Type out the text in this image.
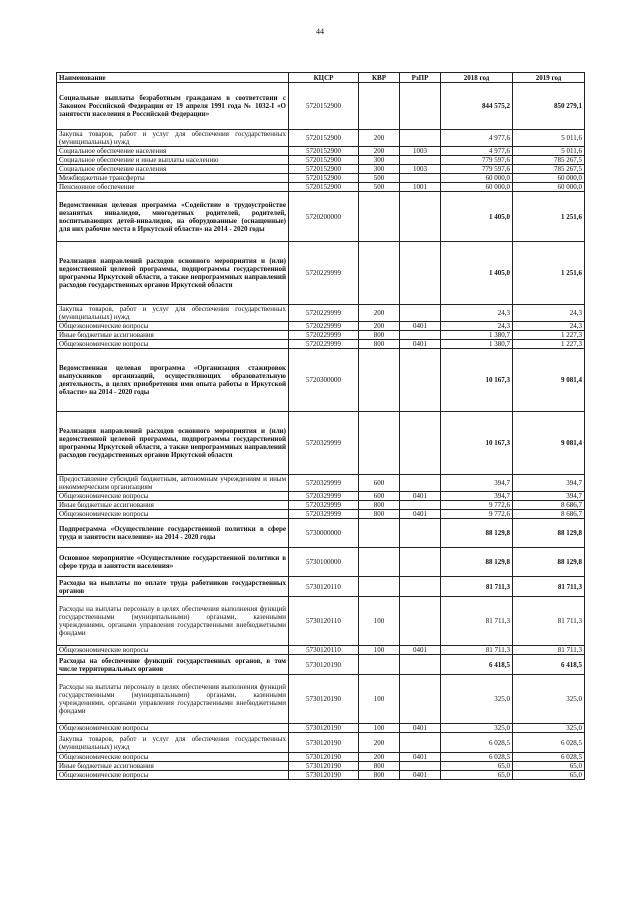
44
Наименование	КЦСР	КВР	РзПР	2018 год	2019 год
Социальные выплаты безработным гражданам в соответствии с Законом Российской Федерации от 19 апреля 1991 года № 1032-I «О занятости населения в Российской Федерации»	5720152900			844 575,2	850 279,1
Закупка товаров, работ и услуг для обеспечения государственных (муниципальных) нужд	5720152900	200		4 977,6	5 011,6
Социальное обеспечение населения	5720152900	200	1003	4 977,6	5 011,6
Социальное обеспечение и иные выплаты населению	5720152900	300		779 597,6	785 267,5
Социальное обеспечение населения	5720152900	300	1003	779 597,6	785 267,5
Межбюджетные трансферты	5720152900	500		60 000,0	60 000,0
Пенсионное обеспечение	5720152900	500	1001	60 000,0	60 000,0
Ведомственная целевая программа «Содействие в трудоустройстве незанятых инвалидов, многодетных родителей, родителей, воспитывающих детей-инвалидов, на оборудованные (оснащенные) для них рабочие места в Иркутской области» на 2014 - 2020 годы	5720200000			1 405,0	1 251,6
Реализация направлений расходов основного мероприятия и (или) ведомственной целевой программы, подпрограммы государственной программы Иркутской области, а также непрограммных направлений расходов государственных органов Иркутской области	5720229999			1 405,0	1 251,6
Закупка товаров, работ и услуг для обеспечения государственных (муниципальных) нужд	5720229999	200		24,3	24,3
Общеэкономические вопросы	5720229999	200	0401	24,3	24,3
Иные бюджетные ассигнования	5720229999	800		1 380,7	1 227,3
Общеэкономические вопросы	5720229999	800	0401	1 380,7	1 227,3
Ведомственная целевая программа «Организация стажировок выпускников организаций, осуществляющих образовательную деятельность, в целях приобретения ими опыта работы в Иркутской области» на 2014 - 2020 годы	5720300000			10 167,3	9 081,4
Реализация направлений расходов основного мероприятия и (или) ведомственной целевой программы, подпрограммы государственной программы Иркутской области, а также непрограммных направлений расходов государственных органов Иркутской области	5720329999			10 167,3	9 081,4
Предоставление субсидий бюджетным, автономным учреждениям и иным некоммерческим организациям	5720329999	600		394,7	394,7
Общеэкономические вопросы	5720329999	600	0401	394,7	394,7
Иные бюджетные ассигнования	5720329999	800		9 772,6	8 686,7
Общеэкономические вопросы	5720329999	800	0401	9 772,6	8 686,7
Подпрограмма «Осуществление государственной политики в сфере труда и занятости населения» на 2014 - 2020 годы	5730000000			88 129,8	88 129,8
Основное мероприятие «Осуществление государственной политики в сфере труда и занятости населения»	5730100000			88 129,8	88 129,8
Расходы на выплаты по оплате труда работников государственных органов	5730120110			81 711,3	81 711,3
Расходы на выплаты персоналу в целях обеспечения выполнения функций государственными (муниципальными) органами, казенными учреждениями, органами управления государственными внебюджетными фондами	5730120110	100		81 711,3	81 711,3
Общеэкономические вопросы	5730120110	100	0401	81 711,3	81 711,3
Расходы на обеспечение функций государственных органов, в том числе территориальных органов	5730120190			6 418,5	6 418,5
Расходы на выплаты персоналу в целях обеспечения выполнения функций государственными (муниципальными) органами, казенными учреждениями, органами управления государственными внебюджетными фондами	5730120190	100		325,0	325,0
Общеэкономические вопросы	5730120190	100	0401	325,0	325,0
Закупка товаров, работ и услуг для обеспечения государственных (муниципальных) нужд	5730120190	200		6 028,5	6 028,5
Общеэкономические вопросы	5730120190	200	0401	6 028,5	6 028,5
Иные бюджетные ассигнования	5730120190	800		65,0	65,0
Общеэкономические вопросы	5730120190	800	0401	65,0	65,0
